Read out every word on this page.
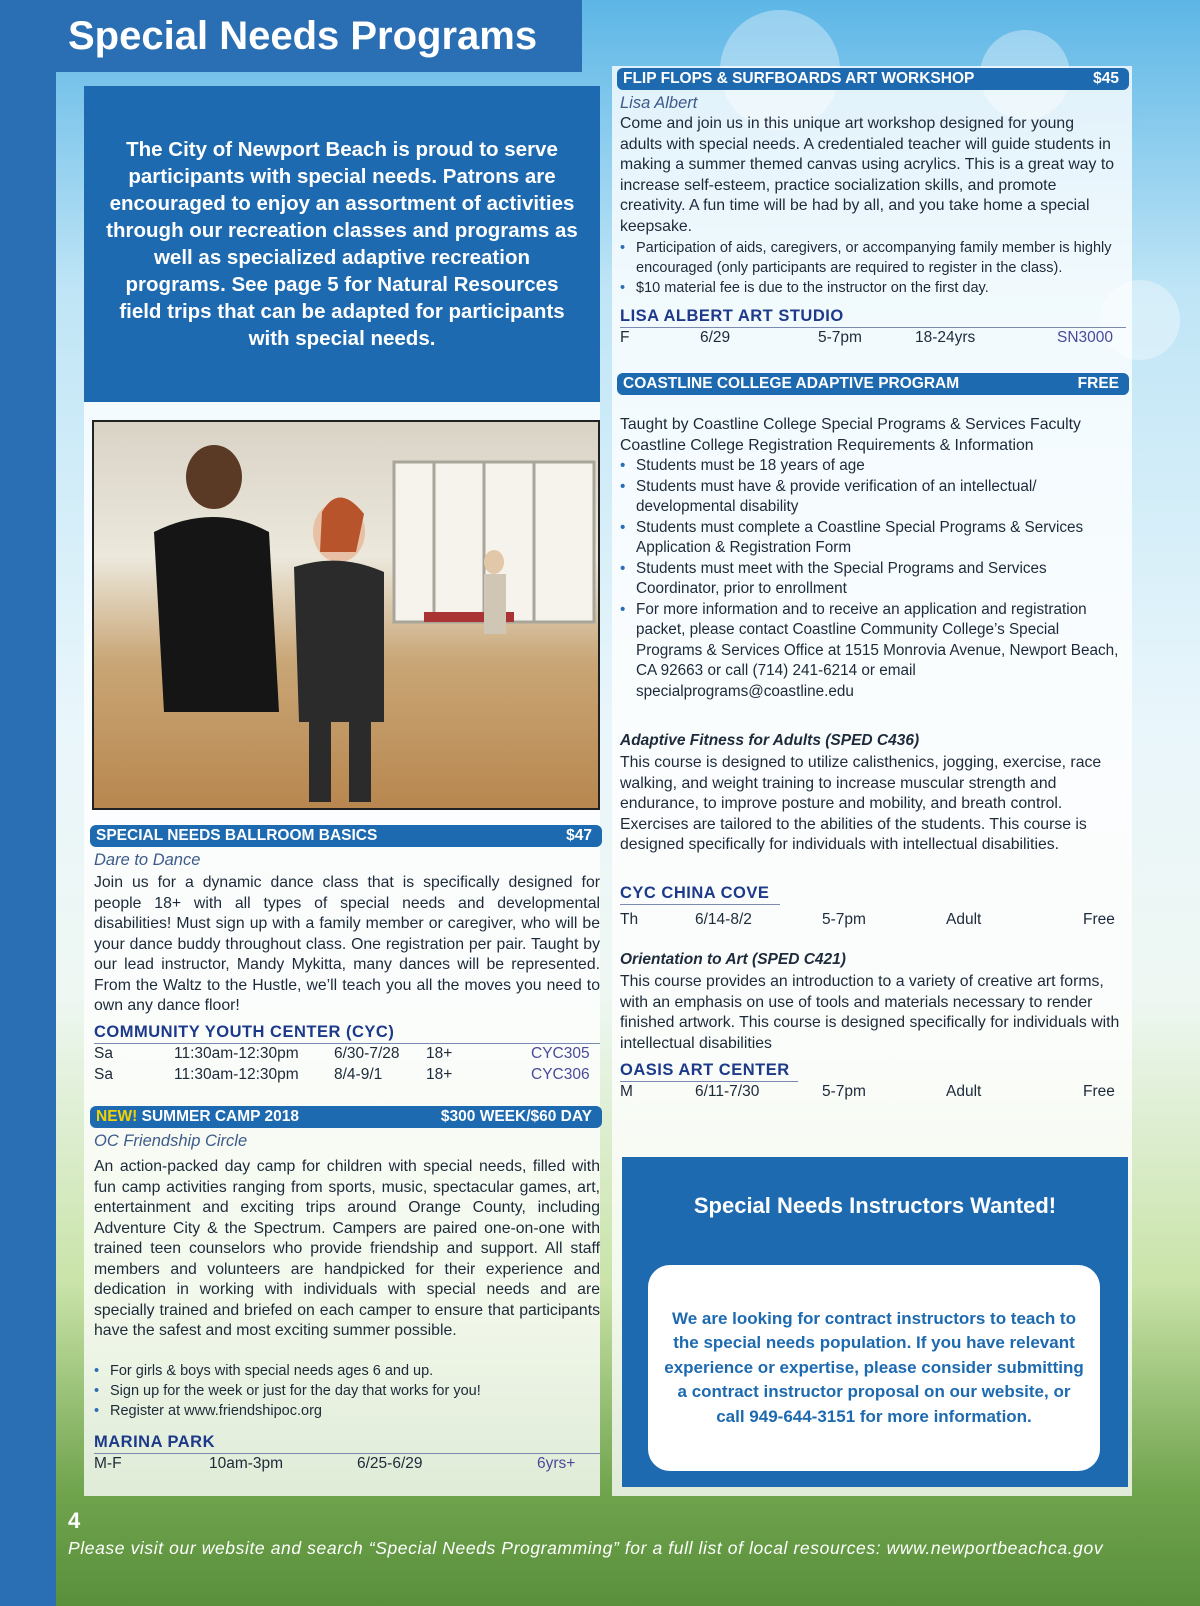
Special Needs Programs
The City of Newport Beach is proud to serve participants with special needs. Patrons are encouraged to enjoy an assortment of activities through our recreation classes and programs as well as specialized adaptive recreation programs. See page 5 for Natural Resources field trips that can be adapted for participants with special needs.
SPECIAL NEEDS BALLROOM BASICS	$47
Dare to Dance
Join us for a dynamic dance class that is specifically designed for people 18+ with all types of special needs and developmental disabilities! Must sign up with a family member or caregiver, who will be your dance buddy throughout class. One registration per pair. Taught by our lead instructor, Mandy Mykitta, many dances will be represented. From the Waltz to the Hustle, we’ll teach you all the moves you need to own any dance floor!
COMMUNITY YOUTH CENTER (CYC)
Sa	11:30am-12:30pm 6/30-7/28 18+	CYC305
Sa	11:30am-12:30pm 8/4-9/1	18+	CYC306
NEW! SUMMER CAMP 2018	$300 WEEK/$60 DAY
OC Friendship Circle
An action-packed day camp for children with special needs, filled with fun camp activities ranging from sports, music, spectacular games, art, entertainment and exciting trips around Orange County, including Adventure City & the Spectrum. Campers are paired one-on-one with trained teen counselors who provide friendship and support. All staff members and volunteers are handpicked for their experience and dedication in working with individuals with special needs and are specially trained and briefed on each camper to ensure that participants have the safest and most exciting summer possible.
• For girls & boys with special needs ages 6 and up.
• Sign up for the week or just for the day that works for you!
• Register at www.friendshipoc.org
MARINA PARK
M-F	10am-3pm	6/25-6/29	6yrs+
FLIP FLOPS & SURFBOARDS ART WORKSHOP	$45
Lisa Albert
Come and join us in this unique art workshop designed for young adults with special needs. A credentialed teacher will guide students in making a summer themed canvas using acrylics. This is a great way to increase self-esteem, practice socialization skills, and promote creativity. A fun time will be had by all, and you take home a special keepsake.
• Participation of aids, caregivers, or accompanying family member is highly encouraged (only participants are required to register in the class).
• $10 material fee is due to the instructor on the first day.
LISA ALBERT ART STUDIO
F	6/29	5-7pm	18-24yrs	SN3000
COASTLINE COLLEGE ADAPTIVE PROGRAM	FREE
Taught by Coastline College Special Programs & Services Faculty
Coastline College Registration Requirements & Information
• Students must be 18 years of age
• Students must have & provide verification of an intellectual/ developmental disability
• Students must complete a Coastline Special Programs & Services Application & Registration Form
• Students must meet with the Special Programs and Services Coordinator, prior to enrollment
• For more information and to receive an application and registration packet, please contact Coastline Community College’s Special Programs & Services Office at 1515 Monrovia Avenue, Newport Beach, CA 92663 or call (714) 241-6214 or email specialprograms@coastline.edu
Adaptive Fitness for Adults (SPED C436)
This course is designed to utilize calisthenics, jogging, exercise, race walking, and weight training to increase muscular strength and endurance, to improve posture and mobility, and breath control. Exercises are tailored to the abilities of the students. This course is designed specifically for individuals with intellectual disabilities.
CYC CHINA COVE
Th	6/14-8/2	5-7pm	Adult	Free
Orientation to Art (SPED C421)
This course provides an introduction to a variety of creative art forms, with an emphasis on use of tools and materials necessary to render finished artwork. This course is designed specifically for individuals with intellectual disabilities
OASIS ART CENTER
M	6/11-7/30	5-7pm	Adult	Free
Special Needs Instructors Wanted!
We are looking for contract instructors to teach to the special needs population. If you have relevant experience or expertise, please consider submitting a contract instructor proposal on our website, or call 949-644-3151 for more information.
4
Please visit our website and search “Special Needs Programming” for a full list of local resources: www.newportbeachca.gov
